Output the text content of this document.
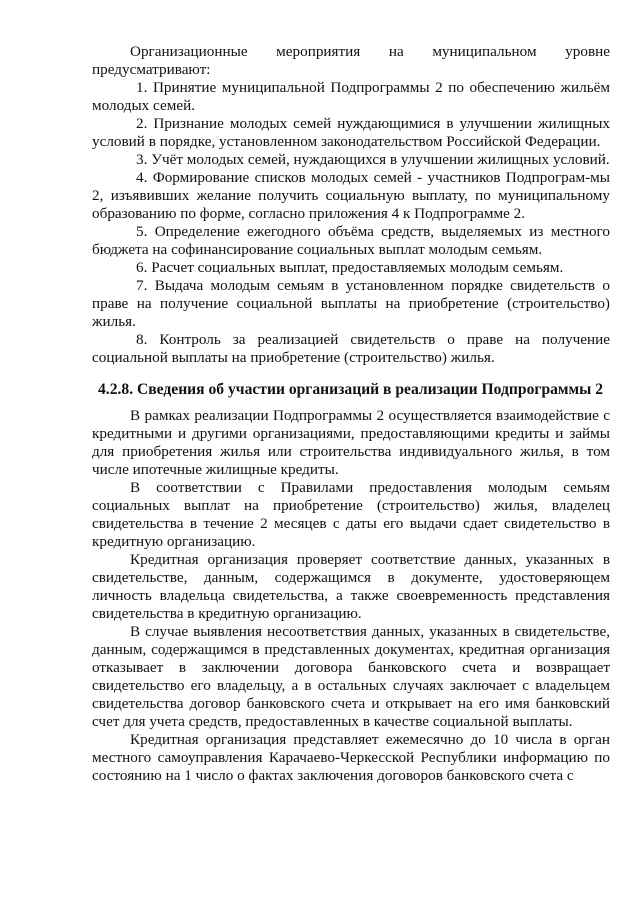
Организационные мероприятия на муниципальном уровне предусматривают:

1. Принятие муниципальной Подпрограммы 2 по обеспечению жильём молодых семей.

2. Признание молодых семей нуждающимися в улучшении жилищных условий в порядке, установленном законодательством Российской Федерации.

3. Учёт молодых семей, нуждающихся в улучшении жилищных условий.

4. Формирование списков молодых семей - участников Подпрограм-мы 2, изъявивших желание получить социальную выплату, по муниципальному образованию по форме, согласно приложения 4 к Подпрограмме 2.

5. Определение ежегодного объёма средств, выделяемых из местного бюджета на софинансирование социальных выплат молодым семьям.

6. Расчет социальных выплат, предоставляемых молодым семьям.

7. Выдача молодым семьям в установленном порядке свидетельств о праве на получение социальной выплаты на приобретение (строительство) жилья.

8. Контроль за реализацией свидетельств о праве на получение социальной выплаты на приобретение (строительство) жилья.

4.2.8. Сведения об участии организаций в реализации Подпрограммы 2

В рамках реализации Подпрограммы 2 осуществляется взаимодействие с кредитными и другими организациями, предоставляющими кредиты и займы для приобретения жилья или строительства индивидуального жилья, в том числе ипотечные жилищные кредиты.

В соответствии с Правилами предоставления молодым семьям социальных выплат на приобретение (строительство) жилья, владелец свидетельства в течение 2 месяцев с даты его выдачи сдает свидетельство в кредитную организацию.

Кредитная организация проверяет соответствие данных, указанных в свидетельстве, данным, содержащимся в документе, удостоверяющем личность владельца свидетельства, а также своевременность представления свидетельства в кредитную организацию.

В случае выявления несоответствия данных, указанных в свидетельстве, данным, содержащимся в представленных документах, кредитная организация отказывает в заключении договора банковского счета и возвращает свидетельство его владельцу, а в остальных случаях заключает с владельцем свидетельства договор банковского счета и открывает на его имя банковский счет для учета средств, предоставленных в качестве социальной выплаты.

Кредитная организация представляет ежемесячно до 10 числа в орган местного самоуправления Карачаево-Черкесской Республики информацию по состоянию на 1 число о фактах заключения договоров банковского счета с
